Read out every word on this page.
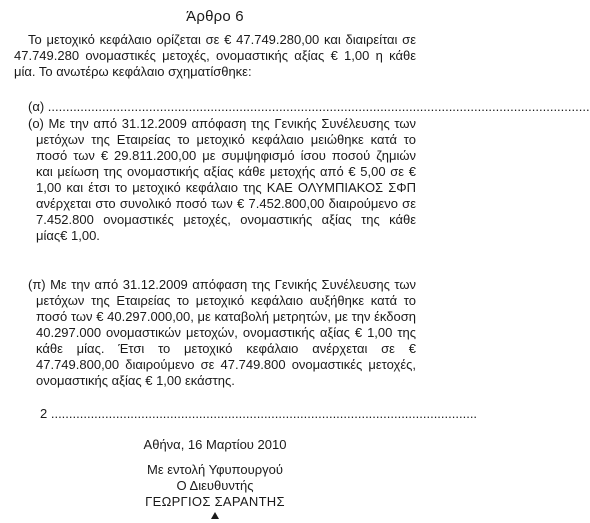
Άρθρο 6
Το μετοχικό κεφάλαιο ορίζεται σε € 47.749.280,00 και διαιρείται σε 47.749.280 ονομαστικές μετοχές, ονομαστικής αξίας € 1,00 η κάθε μία. Το ανωτέρω κεφάλαιο σχηματίσθηκε:
(α) ......................................................................................................................................................
(ο) Με την από 31.12.2009 απόφαση της Γενικής Συνέλευσης των μετόχων της Εταιρείας το μετοχικό κεφάλαιο μειώθηκε κατά το ποσό των € 29.811.200,00 με συμψηφισμό ίσου ποσού ζημιών και μείωση της ονομαστικής αξίας κάθε μετοχής από € 5,00 σε € 1,00 και έτσι το μετοχικό κεφάλαιο της ΚΑΕ ΟΛΥΜΠΙΑΚΟΣ ΣΦΠ ανέρχεται στο συνολικό ποσό των € 7.452.800,00 διαιρούμενο σε 7.452.800 ονομαστικές μετοχές, ονομαστικής αξίας της κάθε μίας€ 1,00.
(π) Με την από 31.12.2009 απόφαση της Γενικής Συνέλευσης των μετόχων της Εταιρείας το μετοχικό κεφάλαιο αυξήθηκε κατά το ποσό των € 40.297.000,00, με καταβολή μετρητών, με την έκδοση 40.297.000 ονομαστικών μετοχών, ονομαστικής αξίας € 1,00 της κάθε μίας. Έτσι το μετοχικό κεφάλαιο ανέρχεται σε € 47.749.800,00 διαιρούμενο σε 47.749.800 ονομαστικές μετοχές, ονομαστικής αξίας € 1,00 εκάστης.
2 ......................................................................................................................
Αθήνα, 16 Μαρτίου 2010
Με εντολή Υφυπουργού
Ο Διευθυντής
ΓΕΩΡΓΙΟΣ ΣΑΡΑΝΤΗΣ
